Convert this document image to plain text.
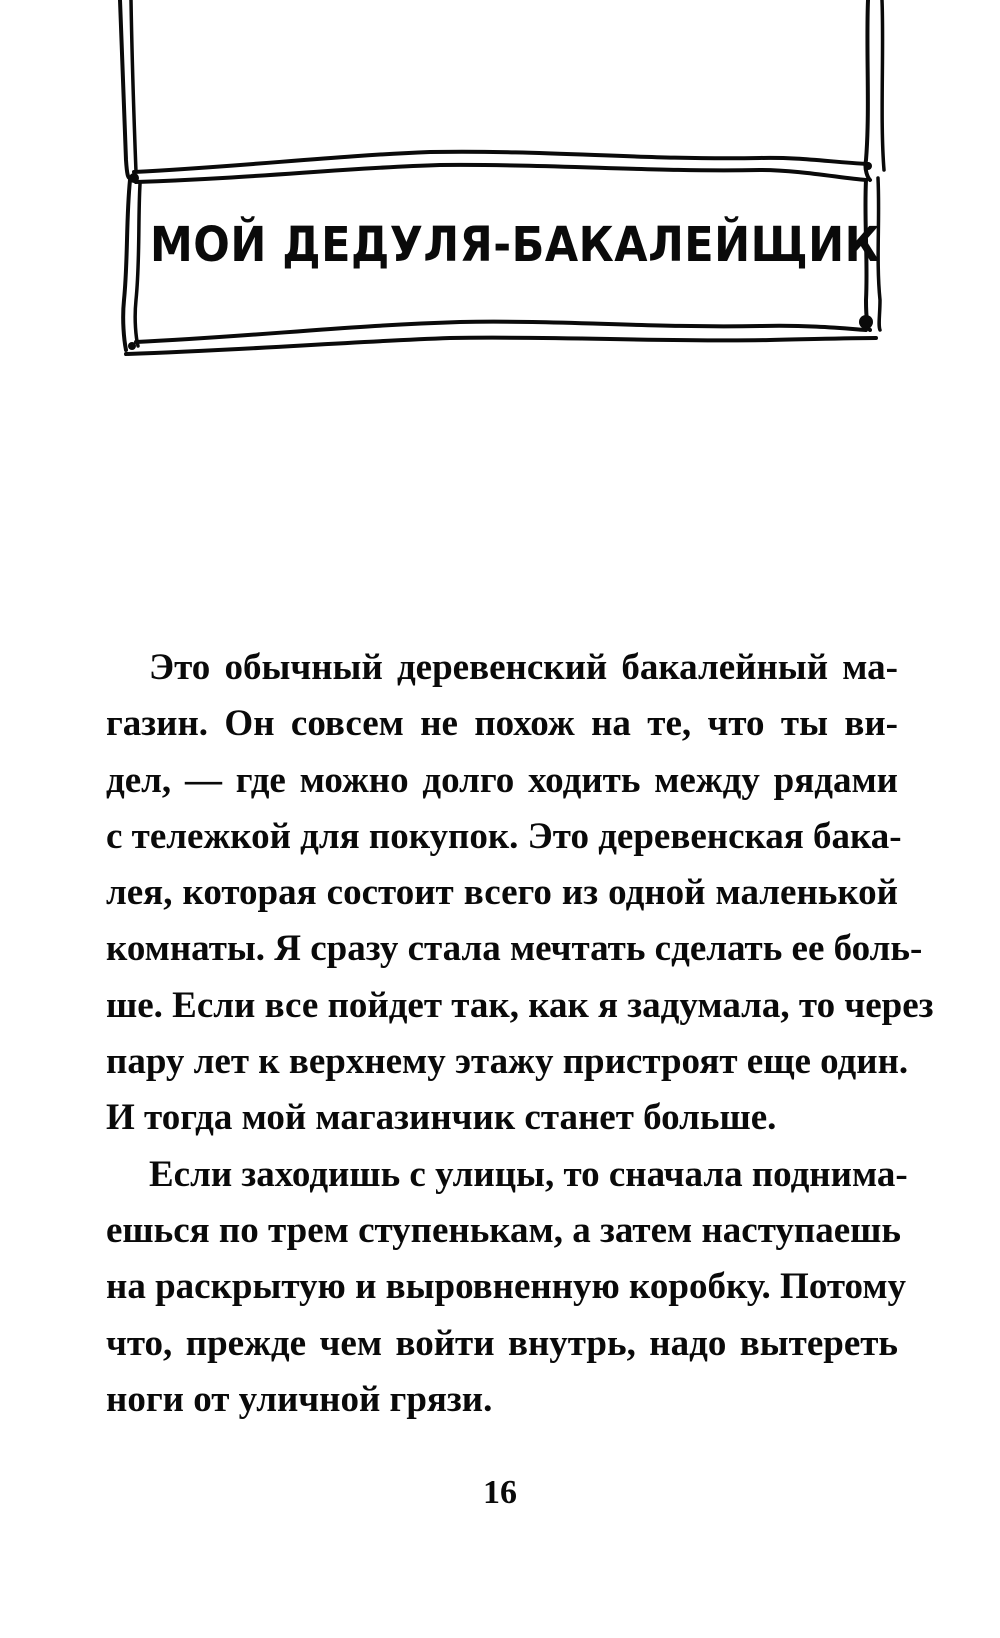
МОЙ ДЕДУЛЯ-БАКАЛЕЙЩИК
Это обычный деревенский бакалейный ма-
газин. Он совсем не похож на те, что ты ви-
дел, — где можно долго ходить между рядами
с тележкой для покупок. Это деревенская бака-
лея, которая состоит всего из одной маленькой
комнаты. Я сразу стала мечтать сделать ее боль-
ше. Если все пойдет так, как я задумала, то через
пару лет к верхнему этажу пристроят еще один.
И тогда мой магазинчик станет больше.
Если заходишь с улицы, то сначала поднима-
ешься по трем ступенькам, а затем наступаешь
на раскрытую и выровненную коробку. Потому
что, прежде чем войти внутрь, надо вытереть
ноги от уличной грязи.
16
